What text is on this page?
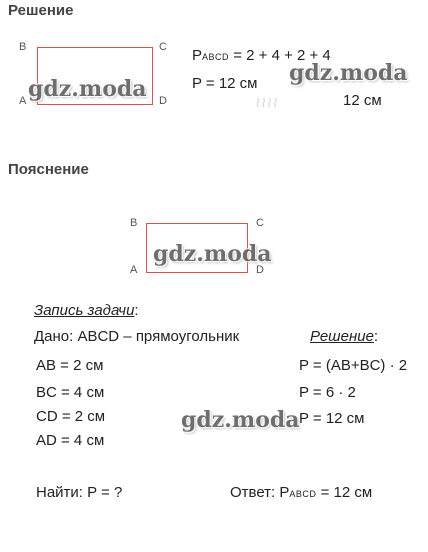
Решение
B	C
A	D
PABCD = 2 + 4 + 2 + 4
P = 12 см
⌇⌇⌇⌇	12 см
Пояснение
B	C
A	D
Запись задачи:
Дано: ABCD – прямоугольник	Решение:
AB = 2 см
BC = 4 см
CD = 2 см
AD = 4 см
P = (AB+BC) · 2
P = 6 · 2
P = 12 см
Найти: P = ?	Ответ: PABCD = 12 см
gdz.moda
gdz.moda
gdz.moda
gdz.moda
